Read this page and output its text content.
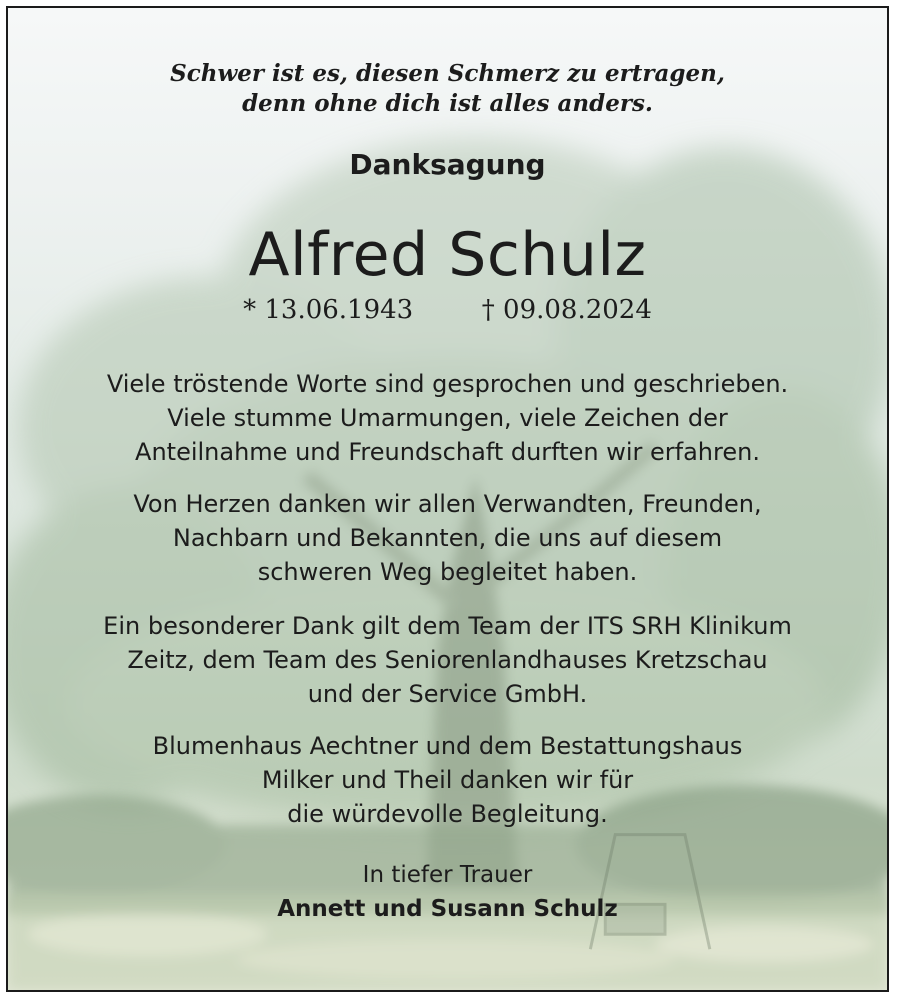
Schwer ist es, diesen Schmerz zu ertragen,
denn ohne dich ist alles anders.
Danksagung
Alfred Schulz
* 13.06.1943	† 09.08.2024
Viele tröstende Worte sind gesprochen und geschrieben.
Viele stumme Umarmungen, viele Zeichen der
Anteilnahme und Freundschaft durften wir erfahren.
Von Herzen danken wir allen Verwandten, Freunden,
Nachbarn und Bekannten, die uns auf diesem
schweren Weg begleitet haben.
Ein besonderer Dank gilt dem Team der ITS SRH Klinikum
Zeitz, dem Team des Seniorenlandhauses Kretzschau
und der Service GmbH.
Blumenhaus Aechtner und dem Bestattungshaus
Milker und Theil danken wir für
die würdevolle Begleitung.
In tiefer Trauer
Annett und Susann Schulz
